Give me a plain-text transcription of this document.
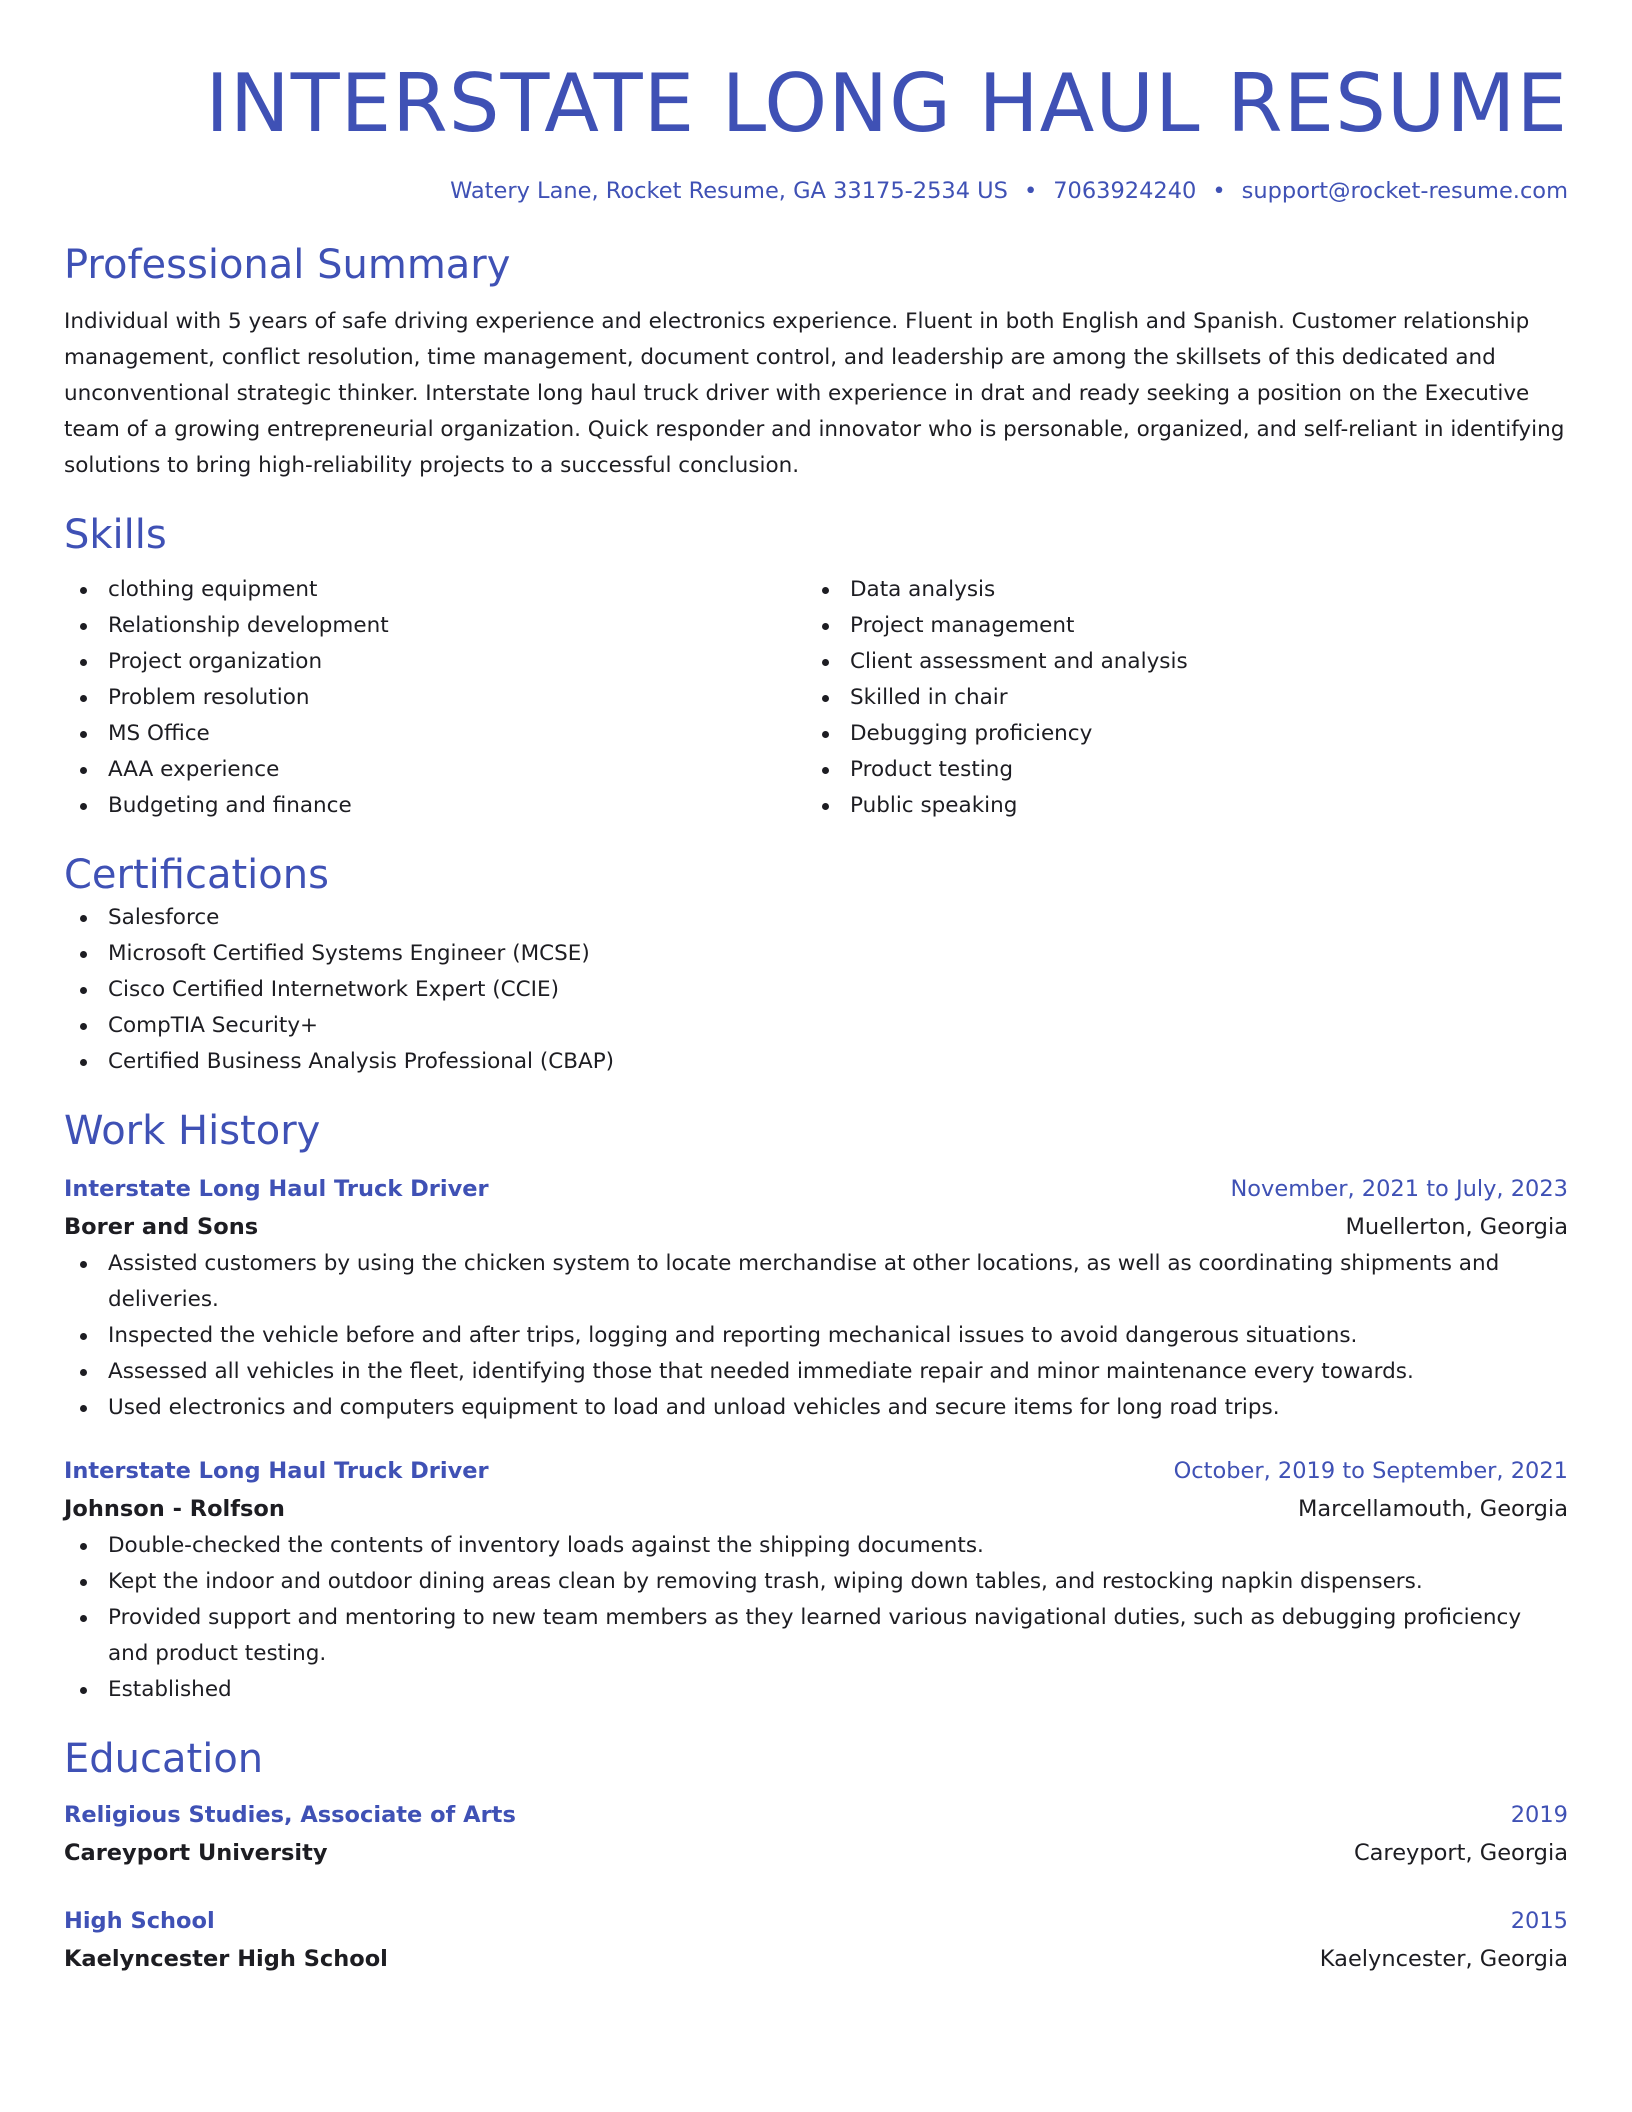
INTERSTATE LONG HAUL RESUME
Watery Lane, Rocket Resume, GA 33175-2534 US • 7063924240 • support@rocket-resume.com
Professional Summary

Individual with 5 years of safe driving experience and electronics experience. Fluent in both English and Spanish. Customer relationship management, conflict resolution, time management, document control, and leadership are among the skillsets of this dedicated and unconventional strategic thinker. Interstate long haul truck driver with experience in drat and ready seeking a position on the Executive team of a growing entrepreneurial organization. Quick responder and innovator who is personable, organized, and self-reliant in identifying solutions to bring high-reliability projects to a successful conclusion.

Skills
clothing equipment
Relationship development
Project organization
Problem resolution
MS Office
AAA experience
Budgeting and finance
Data analysis
Project management
Client assessment and analysis
Skilled in chair
Debugging proficiency
Product testing
Public speaking
Certifications
Salesforce
Microsoft Certified Systems Engineer (MCSE)
Cisco Certified Internetwork Expert (CCIE)
CompTIA Security+
Certified Business Analysis Professional (CBAP)
Work History
Interstate Long Haul Truck Driver	November, 2021 to July, 2023
Borer and Sons	Muellerton, Georgia
Assisted customers by using the chicken system to locate merchandise at other locations, as well as coordinating shipments and deliveries.
Inspected the vehicle before and after trips, logging and reporting mechanical issues to avoid dangerous situations.
Assessed all vehicles in the fleet, identifying those that needed immediate repair and minor maintenance every towards.
Used electronics and computers equipment to load and unload vehicles and secure items for long road trips.
Interstate Long Haul Truck Driver	October, 2019 to September, 2021
Johnson - Rolfson	Marcellamouth, Georgia
Double-checked the contents of inventory loads against the shipping documents.
Kept the indoor and outdoor dining areas clean by removing trash, wiping down tables, and restocking napkin dispensers.
Provided support and mentoring to new team members as they learned various navigational duties, such as debugging proficiency and product testing.
Established
Education
Religious Studies, Associate of Arts	2019
Careyport University	Careyport, Georgia
High School	2015
Kaelyncester High School	Kaelyncester, Georgia
